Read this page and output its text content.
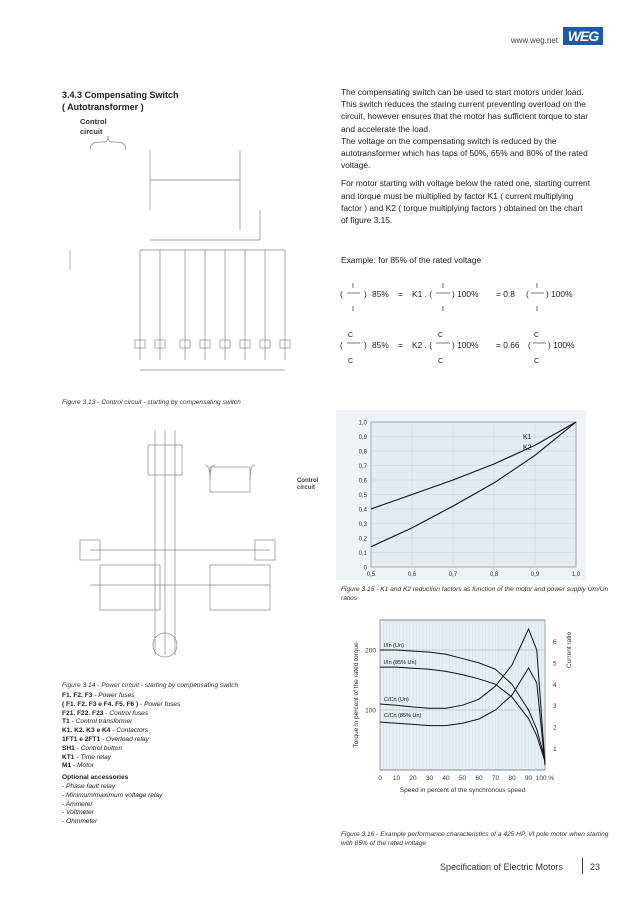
www.weg.net WEG
3.4.3 Compensating Switch
( Autotransformer )

The compensating switch can be used to start motors under load. This switch reduces the staring current preventing overload on the circuit, however ensures that the motor has sufficient torque to star and accelerate the load.

The voltage on the compensating switch is reduced by the autotransformer which has taps of 50%, 65% and 80% of the rated voltage.

For motor starting with voltage below the rated one, starting current and torque must be multiplied by factor K1 ( current multiplying factor ) and K2 ( torque multiplying factors ) obtained on the chart of figure 3.15.

Example: for 85% of the rated voltage
(
I
I
) 85% = K1 . (
I
I
) 100% = 0.8 (
I
I
) 100%
(
C
C
) 85% = K2 . (
C
C
) 100% = 0.66 (
C
C
) 100%
Control
circuit
Figure 3.13 - Control circuit - starting by compensating switch
Control
circuit
Figure 3.14 - Power circuit - starting by compensating switch
F1. F2. F3 - Power fuses
( F1. F2. F3 e F4. F5. F6 ) - Power fuses
F21. F22. F23 - Control fuses
T1 - Control transformer
K1. K2. K3 e K4 - Contactors
1FT1 e 2FT1 - Overload relay
SH1 - Control button
KT1 - Time relay
M1 - Motor
Optional accessories
- Phase fault relay
- Minimum/maximum voltage relay
- Ammeter
- Voltmeter
- Ohmmeter
0
0,1
0,2
0,3
0,4
0,5
0,6
0,7
0,8
0,9
1,0
0,5	0,6	0,7	0,8	0,9	1,0
K1
K2
Figure 3.15 - K1 and K2 reduction factors as function of the motor and power supply Um/Un ratios
100
200
1
2
3
4
5
6
0 10 20 30 40 50 60 70 80 90 100 %
Speed in percent of the synchronous speed
Torque in percent of the rated torque	Current ratio
I/In (Un)
I/In (85% Un)
C/Cn (Un)
C/Cn (85% Un)
Figure 3.16 - Example performance characteristics of a 425 HP, VI pole motor when starting with 85% of the rated voltage
Specification of Electric Motors	23
